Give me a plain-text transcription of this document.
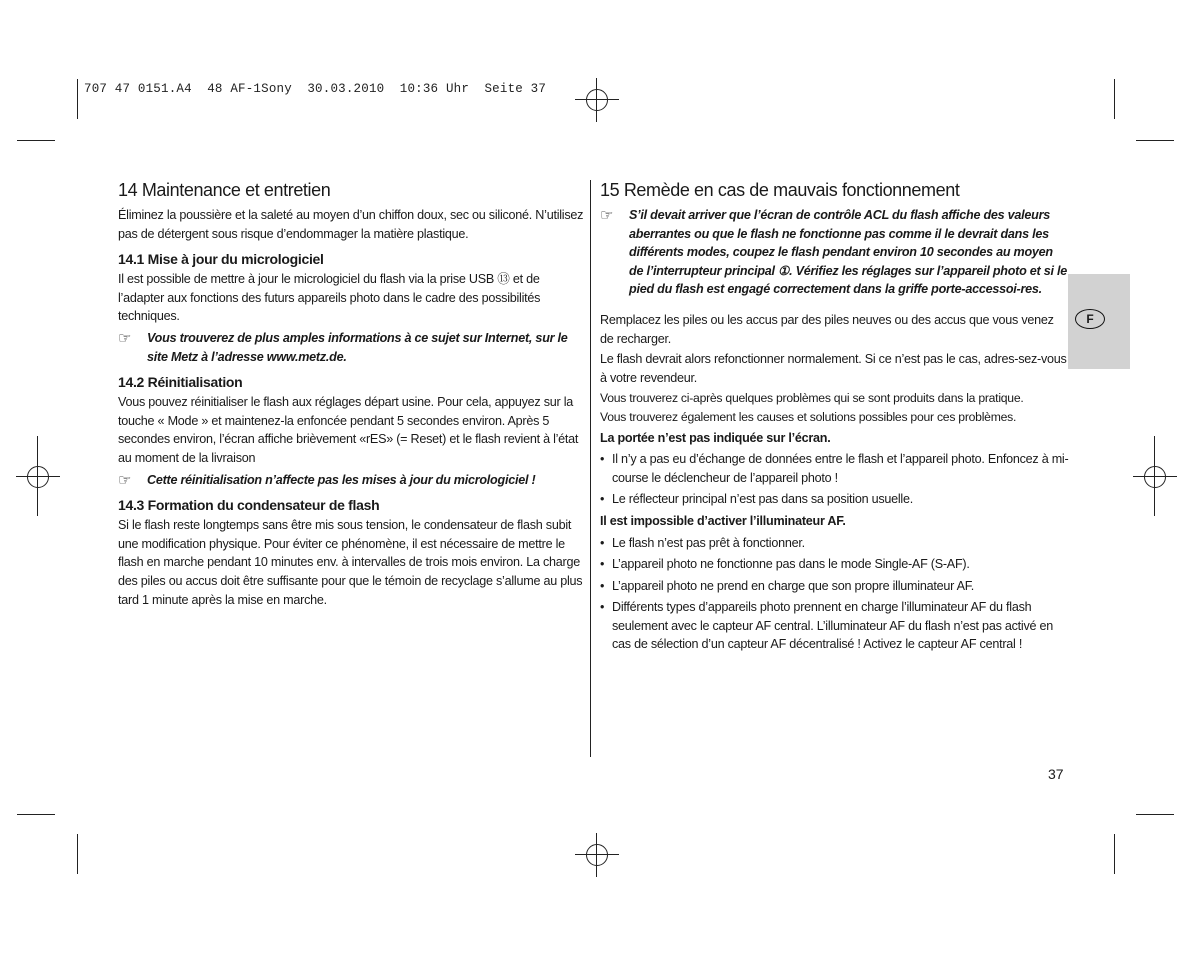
707 47 0151.A4  48 AF-1Sony  30.03.2010  10:36 Uhr  Seite 37
14 Maintenance et entretien

Éliminez la poussière et la saleté au moyen d’un chiffon doux, sec ou siliconé. N’utilisez pas de détergent sous risque d’endommager la matière plastique.

14.1 Mise à jour du micrologiciel

Il est possible de mettre à jour le micrologiciel du flash via la prise USB ⑬ et de l’adapter aux fonctions des futurs appareils photo dans le cadre des possibilités techniques.

☞	Vous trouverez de plus amples informations à ce sujet sur Internet, sur le site Metz à l’adresse www.metz.de.
14.2 Réinitialisation

Vous pouvez réinitialiser le flash aux réglages départ usine. Pour cela, appuyez sur la touche « Mode » et maintenez-la enfoncée pendant 5 secondes environ. Après 5 secondes environ, l’écran affiche brièvement «rES» (= Reset) et le flash revient à l’état au moment de la livraison

☞	Cette réinitialisation n’affecte pas les mises à jour du micrologiciel !
14.3 Formation du condensateur de flash

Si le flash reste longtemps sans être mis sous tension, le condensateur de flash subit une modification physique. Pour éviter ce phénomène, il est nécessaire de mettre le flash en marche pendant 10 minutes env. à intervalles de trois mois environ. La charge des piles ou accus doit être suffisante pour que le témoin de recyclage s’allume au plus tard 1 minute après la mise en marche.

15 Remède en cas de mauvais fonctionnement
☞	S’il devait arriver que l’écran de contrôle ACL du flash affiche des valeurs aberrantes ou que le flash ne fonctionne pas comme il le devrait dans les différents modes, coupez le flash pendant environ 10 secondes au moyen de l’interrupteur principal ①. Vérifiez les réglages sur l’appareil photo et si le pied du flash est engagé correctement dans la griffe porte-accessoi-res.

Remplacez les piles ou les accus par des piles neuves ou des accus que vous venez de recharger.

Le flash devrait alors refonctionner normalement. Si ce n’est pas le cas, adres-sez-vous à votre revendeur.

Vous trouverez ci-après quelques problèmes qui se sont produits dans la pratique.

Vous trouverez également les causes et solutions possibles pour ces problèmes.

La portée n’est pas indiquée sur l’écran.
• Il n’y a pas eu d’échange de données entre le flash et l’appareil photo. Enfoncez à mi-course le déclencheur de l’appareil photo !
• Le réflecteur principal n’est pas dans sa position usuelle.
Il est impossible d’activer l’illuminateur AF.
• Le flash n’est pas prêt à fonctionner.
• L’appareil photo ne fonctionne pas dans le mode Single-AF (S-AF).
• L’appareil photo ne prend en charge que son propre illuminateur AF.
• Différents types d’appareils photo prennent en charge l’illuminateur AF du flash seulement avec le capteur AF central. L’illuminateur AF du flash n’est pas activé en cas de sélection d’un capteur AF décentralisé ! Activez le capteur AF central !
F
37
